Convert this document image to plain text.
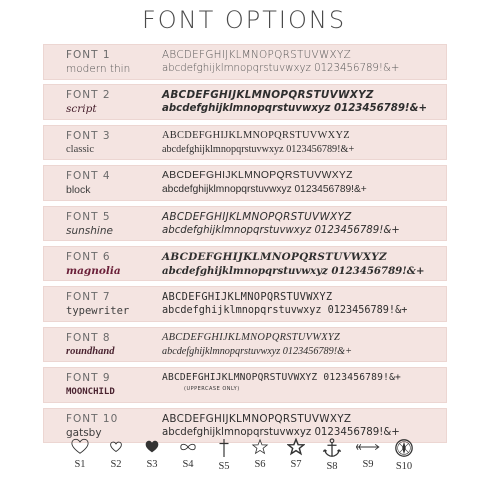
FONT OPTIONS
FONT 1
modern thin
ABCDEFGHIJKLMNOPQRSTUVWXYZ
abcdefghijklmnopqrstuvwxyz 0123456789!&+
FONT 2
script
ABCDEFGHIJKLMNOPQRSTUVWXYZ
abcdefghijklmnopqrstuvwxyz 0123456789!&+
FONT 3
classic
ABCDEFGHIJKLMNOPQRSTUVWXYZ
abcdefghijklmnopqrstuvwxyz 0123456789!&+
FONT 4
block
ABCDEFGHIJKLMNOPQRSTUVWXYZ
abcdefghijklmnopqrstuvwxyz 0123456789!&+
FONT 5
sunshine
ABCDEFGHIJKLMNOPQRSTUVWXYZ
abcdefghijklmnopqrstuvwxyz 0123456789!&+
FONT 6
magnolia
ABCDEFGHIJKLMNOPQRSTUVWXYZ
abcdefghijklmnopqrstuvwxyz 0123456789!&+
FONT 7
typewriter
ABCDEFGHIJKLMNOPQRSTUVWXYZ
abcdefghijklmnopqrstuvwxyz 0123456789!&+
FONT 8
roundhand
ABCDEFGHIJKLMNOPQRSTUVWXYZ
abcdefghijklmnopqrstuvwxyz 0123456789!&+
FONT 9
MOONCHILD
ABCDEFGHIJKLMNOPQRSTUVWXYZ 0123456789!&+
(UPPERCASE ONLY)
FONT 10
gatsby
ABCDEFGHIJKLMNOPQRSTUVWXYZ
abcdefghijklmnopqrstuvwxyz 0123456789!&+
S1	S2	S3	S4	S5	S6	S7	S8	S9	S10
